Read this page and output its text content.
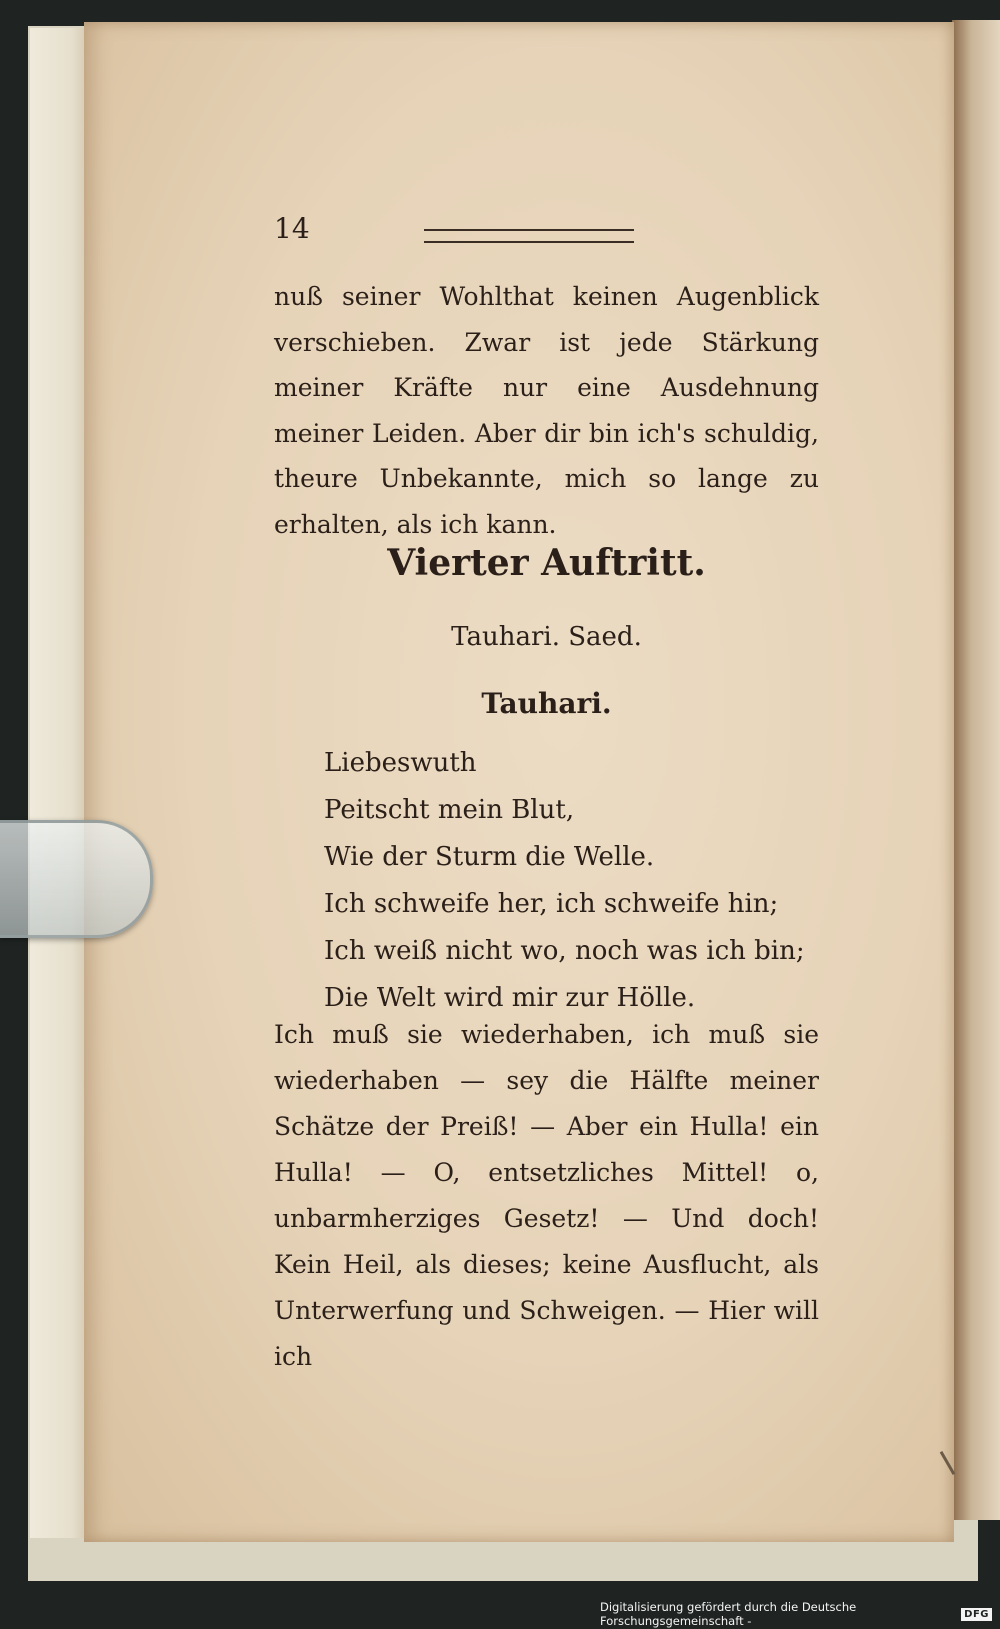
14

nuß seiner Wohlthat keinen Augenblick verschieben. Zwar ist jede Stärkung meiner Kräfte nur eine Ausdehnung meiner Leiden. Aber dir bin ich's schuldig, theure Unbekannte, mich so lange zu erhalten, als ich kann.

Vierter Auftritt.
Tauhari. Saed.
Tauhari.
Liebeswuth
Peitscht mein Blut,
Wie der Sturm die Welle.
Ich schweife her, ich schweife hin;
Ich weiß nicht wo, noch was ich bin;
Die Welt wird mir zur Hölle.

Ich muß sie wiederhaben, ich muß sie wiederhaben — sey die Hälfte meiner Schätze der Preiß! — Aber ein Hulla! ein Hulla! — O, entsetzliches Mittel! o, unbarmherziges Gesetz! — Und doch! Kein Heil, als dieses; keine Ausflucht, als Unterwerfung und Schweigen. — Hier will ich

Digitalisierung gefördert durch die Deutsche Forschungsgemeinschaft -	DFG
